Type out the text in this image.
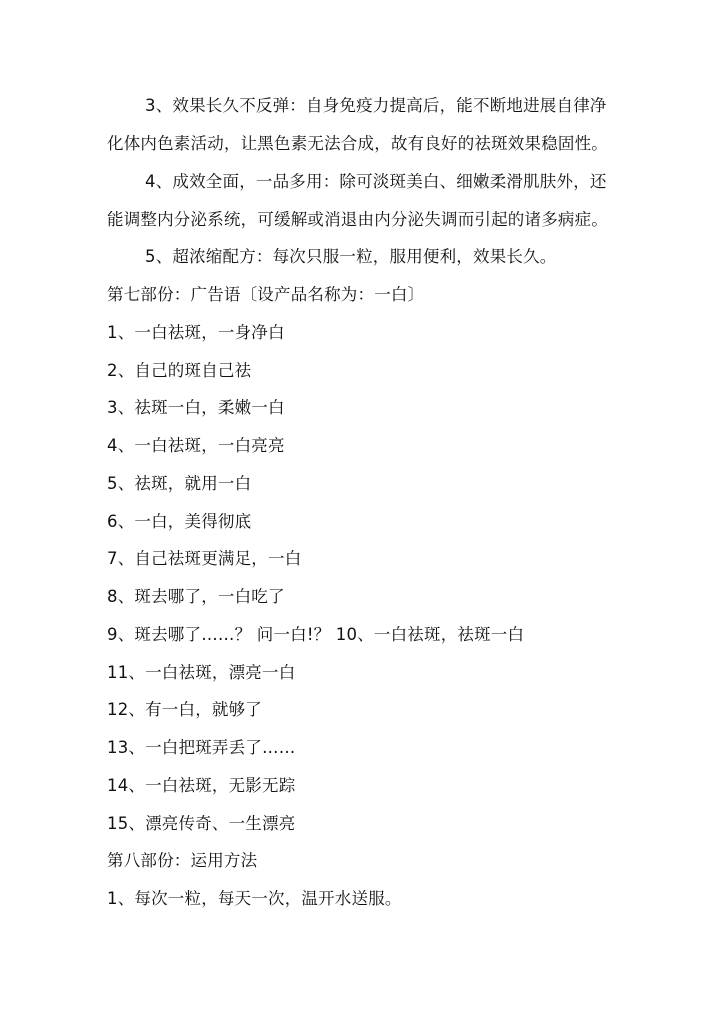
3、效果长久不反弹：自身免疫力提高后，能不断地进展自律净
化体内色素活动，让黑色素无法合成，故有良好的祛斑效果稳固性。
4、成效全面，一品多用：除可淡斑美白、细嫩柔滑肌肤外，还
能调整内分泌系统，可缓解或消退由内分泌失调而引起的诸多病症。
5、超浓缩配方：每次只服一粒，服用便利，效果长久。
第七部份：广告语〔设产品名称为：一白〕
1、一白祛斑，一身净白
2、自己的斑自己祛
3、祛斑一白，柔嫩一白
4、一白祛斑，一白亮亮
5、祛斑，就用一白
6、一白，美得彻底
7、自己祛斑更满足，一白
8、斑去哪了，一白吃了
9、斑去哪了……？ 问一白!？ 10、一白祛斑，祛斑一白
11、一白祛斑，漂亮一白
12、有一白，就够了
13、一白把斑弄丢了……
14、一白祛斑，无影无踪
15、漂亮传奇、一生漂亮
第八部份：运用方法
1、每次一粒，每天一次，温开水送服。
